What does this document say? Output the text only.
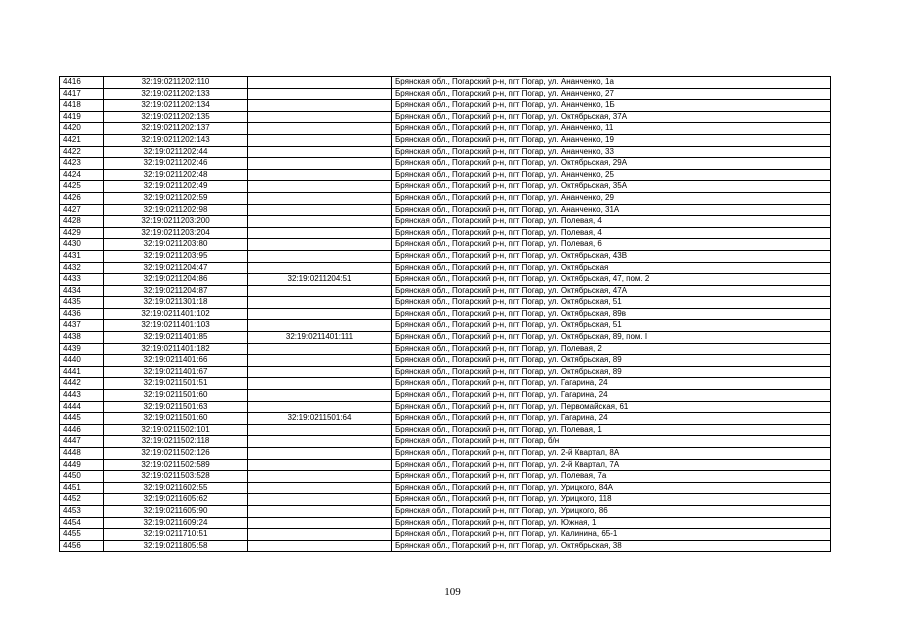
4416	32:19:0211202:110		Брянская обл., Погарский р-н, пгт Погар, ул. Ананченко, 1а
4417	32:19:0211202:133		Брянская обл., Погарский р-н, пгт Погар, ул. Ананченко, 27
4418	32:19:0211202:134		Брянская обл., Погарский р-н, пгт Погар, ул. Ананченко, 1Б
4419	32:19:0211202:135		Брянская обл., Погарский р-н, пгт Погар, ул. Октябрьская, 37А
4420	32:19:0211202:137		Брянская обл., Погарский р-н, пгт Погар, ул. Ананченко, 11
4421	32:19:0211202:143		Брянская обл., Погарский р-н, пгт Погар, ул. Ананченко, 19
4422	32:19:0211202:44		Брянская обл., Погарский р-н, пгт Погар, ул. Ананченко, 33
4423	32:19:0211202:46		Брянская обл., Погарский р-н, пгт Погар, ул. Октябрьская, 29А
4424	32:19:0211202:48		Брянская обл., Погарский р-н, пгт Погар, ул. Ананченко, 25
4425	32:19:0211202:49		Брянская обл., Погарский р-н, пгт Погар, ул. Октябрьская, 35А
4426	32:19:0211202:59		Брянская обл., Погарский р-н, пгт Погар, ул. Ананченко, 29
4427	32:19:0211202:98		Брянская обл., Погарский р-н, пгт Погар, ул. Ананченко, 31А
4428	32:19:0211203:200		Брянская обл., Погарский р-н, пгт Погар, ул. Полевая, 4
4429	32:19:0211203:204		Брянская обл., Погарский р-н, пгт Погар, ул. Полевая, 4
4430	32:19:0211203:80		Брянская обл., Погарский р-н, пгт Погар, ул. Полевая, 6
4431	32:19:0211203:95		Брянская обл., Погарский р-н, пгт Погар, ул. Октябрьская, 43В
4432	32:19:0211204:47		Брянская обл., Погарский р-н, пгт Погар, ул. Октябрьская
4433	32:19:0211204:86	32:19:0211204:51	Брянская обл., Погарский р-н, пгт Погар, ул. Октябрьская, 47, пом. 2
4434	32:19:0211204:87		Брянская обл., Погарский р-н, пгт Погар, ул. Октябрьская, 47А
4435	32:19:0211301:18		Брянская обл., Погарский р-н, пгт Погар, ул. Октябрьская, 51
4436	32:19:0211401:102		Брянская обл., Погарский р-н, пгт Погар, ул. Октябрьская, 89в
4437	32:19:0211401:103		Брянская обл., Погарский р-н, пгт Погар, ул. Октябрьская, 51
4438	32:19:0211401:85	32:19:0211401:111	Брянская обл., Погарский р-н, пгт Погар, ул. Октябрьская, 89, пом. I
4439	32:19:0211401:182		Брянская обл., Погарский р-н, пгт Погар, ул. Полевая, 2
4440	32:19:0211401:66		Брянская обл., Погарский р-н, пгт Погар, ул. Октябрьская, 89
4441	32:19:0211401:67		Брянская обл., Погарский р-н, пгт Погар, ул. Октябрьская, 89
4442	32:19:0211501:51		Брянская обл., Погарский р-н, пгт Погар, ул. Гагарина, 24
4443	32:19:0211501:60		Брянская обл., Погарский р-н, пгт Погар, ул. Гагарина, 24
4444	32:19:0211501:63		Брянская обл., Погарский р-н, пгт Погар, ул. Первомайская, 61
4445	32:19:0211501:60	32:19:0211501:64	Брянская обл., Погарский р-н, пгт Погар, ул. Гагарина, 24
4446	32:19:0211502:101		Брянская обл., Погарский р-н, пгт Погар, ул. Полевая, 1
4447	32:19:0211502:118		Брянская обл., Погарский р-н, пгт Погар, б/н
4448	32:19:0211502:126		Брянская обл., Погарский р-н, пгт Погар, ул. 2-й Квартал, 8А
4449	32:19:0211502:589		Брянская обл., Погарский р-н, пгт Погар, ул. 2-й Квартал, 7А
4450	32:19:0211503:528		Брянская обл., Погарский р-н, пгт Погар, ул. Полевая, 7а
4451	32:19:0211602:55		Брянская обл., Погарский р-н, пгт Погар, ул. Урицкого, 84А
4452	32:19:0211605:62		Брянская обл., Погарский р-н, пгт Погар, ул. Урицкого, 118
4453	32:19:0211605:90		Брянская обл., Погарский р-н, пгт Погар, ул. Урицкого, 86
4454	32:19:0211609:24		Брянская обл., Погарский р-н, пгт Погар, ул. Южная, 1
4455	32:19:0211710:51		Брянская обл., Погарский р-н, пгт Погар, ул. Калинина, 65-1
4456	32:19:0211805:58		Брянская обл., Погарский р-н, пгт Погар, ул. Октябрьская, 38
109
